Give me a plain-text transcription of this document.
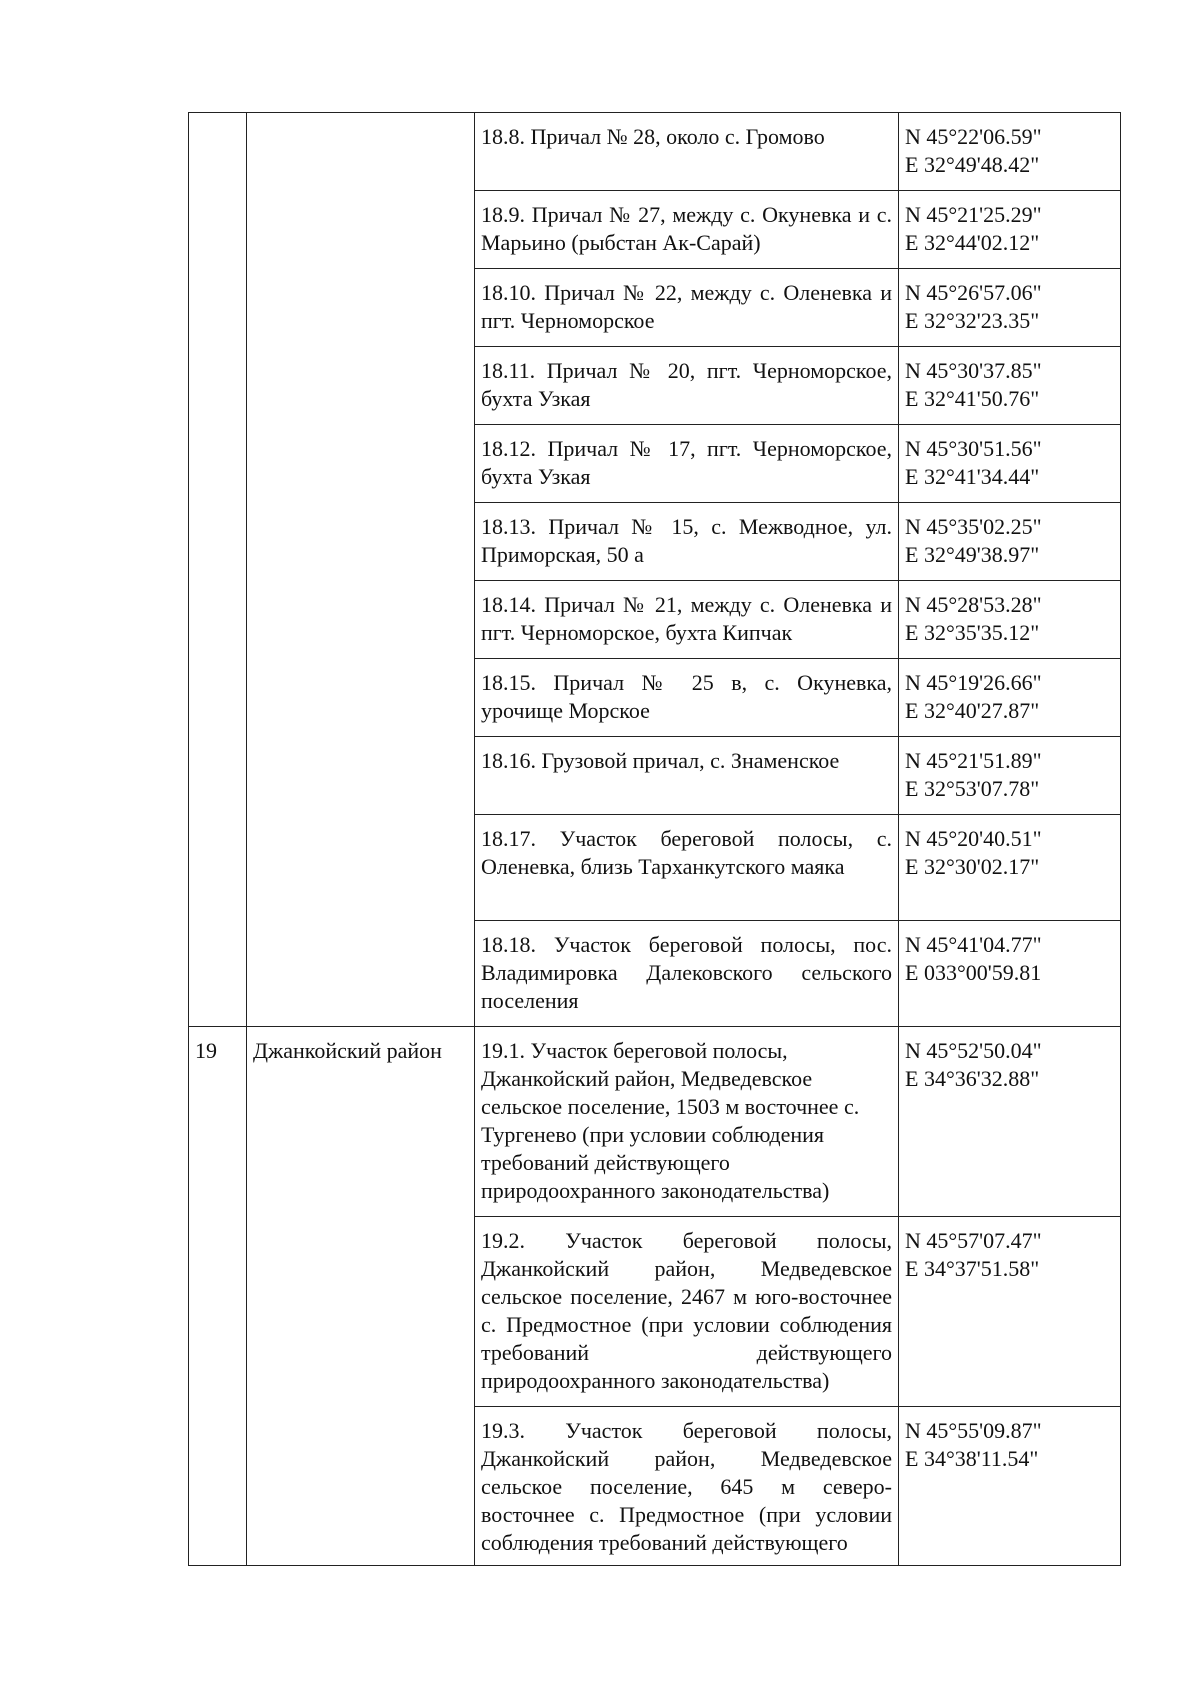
		18.8. Причал № 28, около с. Громово	N 45°22'06.59"
E 32°49'48.42"

		18.9. Причал № 27, между с. Окуневка и с. Марьино (рыбстан Ак-Сарай)	N 45°21'25.29"
E 32°44'02.12"

		18.10. Причал № 22, между с. Оленевка и пгт. Черноморское	N 45°26'57.06"
E 32°32'23.35"

		18.11. Причал № 20, пгт. Черноморское, бухта Узкая	N 45°30'37.85"
E 32°41'50.76"

		18.12. Причал № 17, пгт. Черноморское, бухта Узкая	N 45°30'51.56"
E 32°41'34.44"

		18.13. Причал № 15, с. Межводное, ул. Приморская, 50 а	N 45°35'02.25"
E 32°49'38.97"

		18.14. Причал № 21, между с. Оленевка и пгт. Черноморское, бухта Кипчак	N 45°28'53.28"
E 32°35'35.12"

		18.15. Причал № 25 в, с. Окуневка, урочище Морское	N 45°19'26.66"
E 32°40'27.87"

		18.16. Грузовой причал, с. Знаменское	N 45°21'51.89"
E 32°53'07.78"

		18.17. Участок береговой полосы, с. Оленевка, близь Тарханкутского маяка	N 45°20'40.51"
E 32°30'02.17"

		18.18. Участок береговой полосы, пос. Владимировка Далековского сельского поселения	N 45°41'04.77"
E 033°00'59.81

19	Джанкойский район	19.1. Участок береговой полосы, Джанкойский район, Медведевское сельское поселение, 1503 м восточнее с. Тургенево (при условии соблюдения требований действующего природоохранного законодательства)	N 45°52'50.04"
E 34°36'32.88"

		19.2. Участок береговой полосы, Джанкойский район, Медведевское сельское поселение, 2467 м юго-восточнее с. Предмостное (при условии соблюдения требований действующего природоохранного законодательства)	N 45°57'07.47"
E 34°37'51.58"

		19.3. Участок береговой полосы, Джанкойский район, Медведевское сельское поселение, 645 м северо-восточнее с. Предмостное (при условии соблюдения требований действующего	N 45°55'09.87"
E 34°38'11.54"
